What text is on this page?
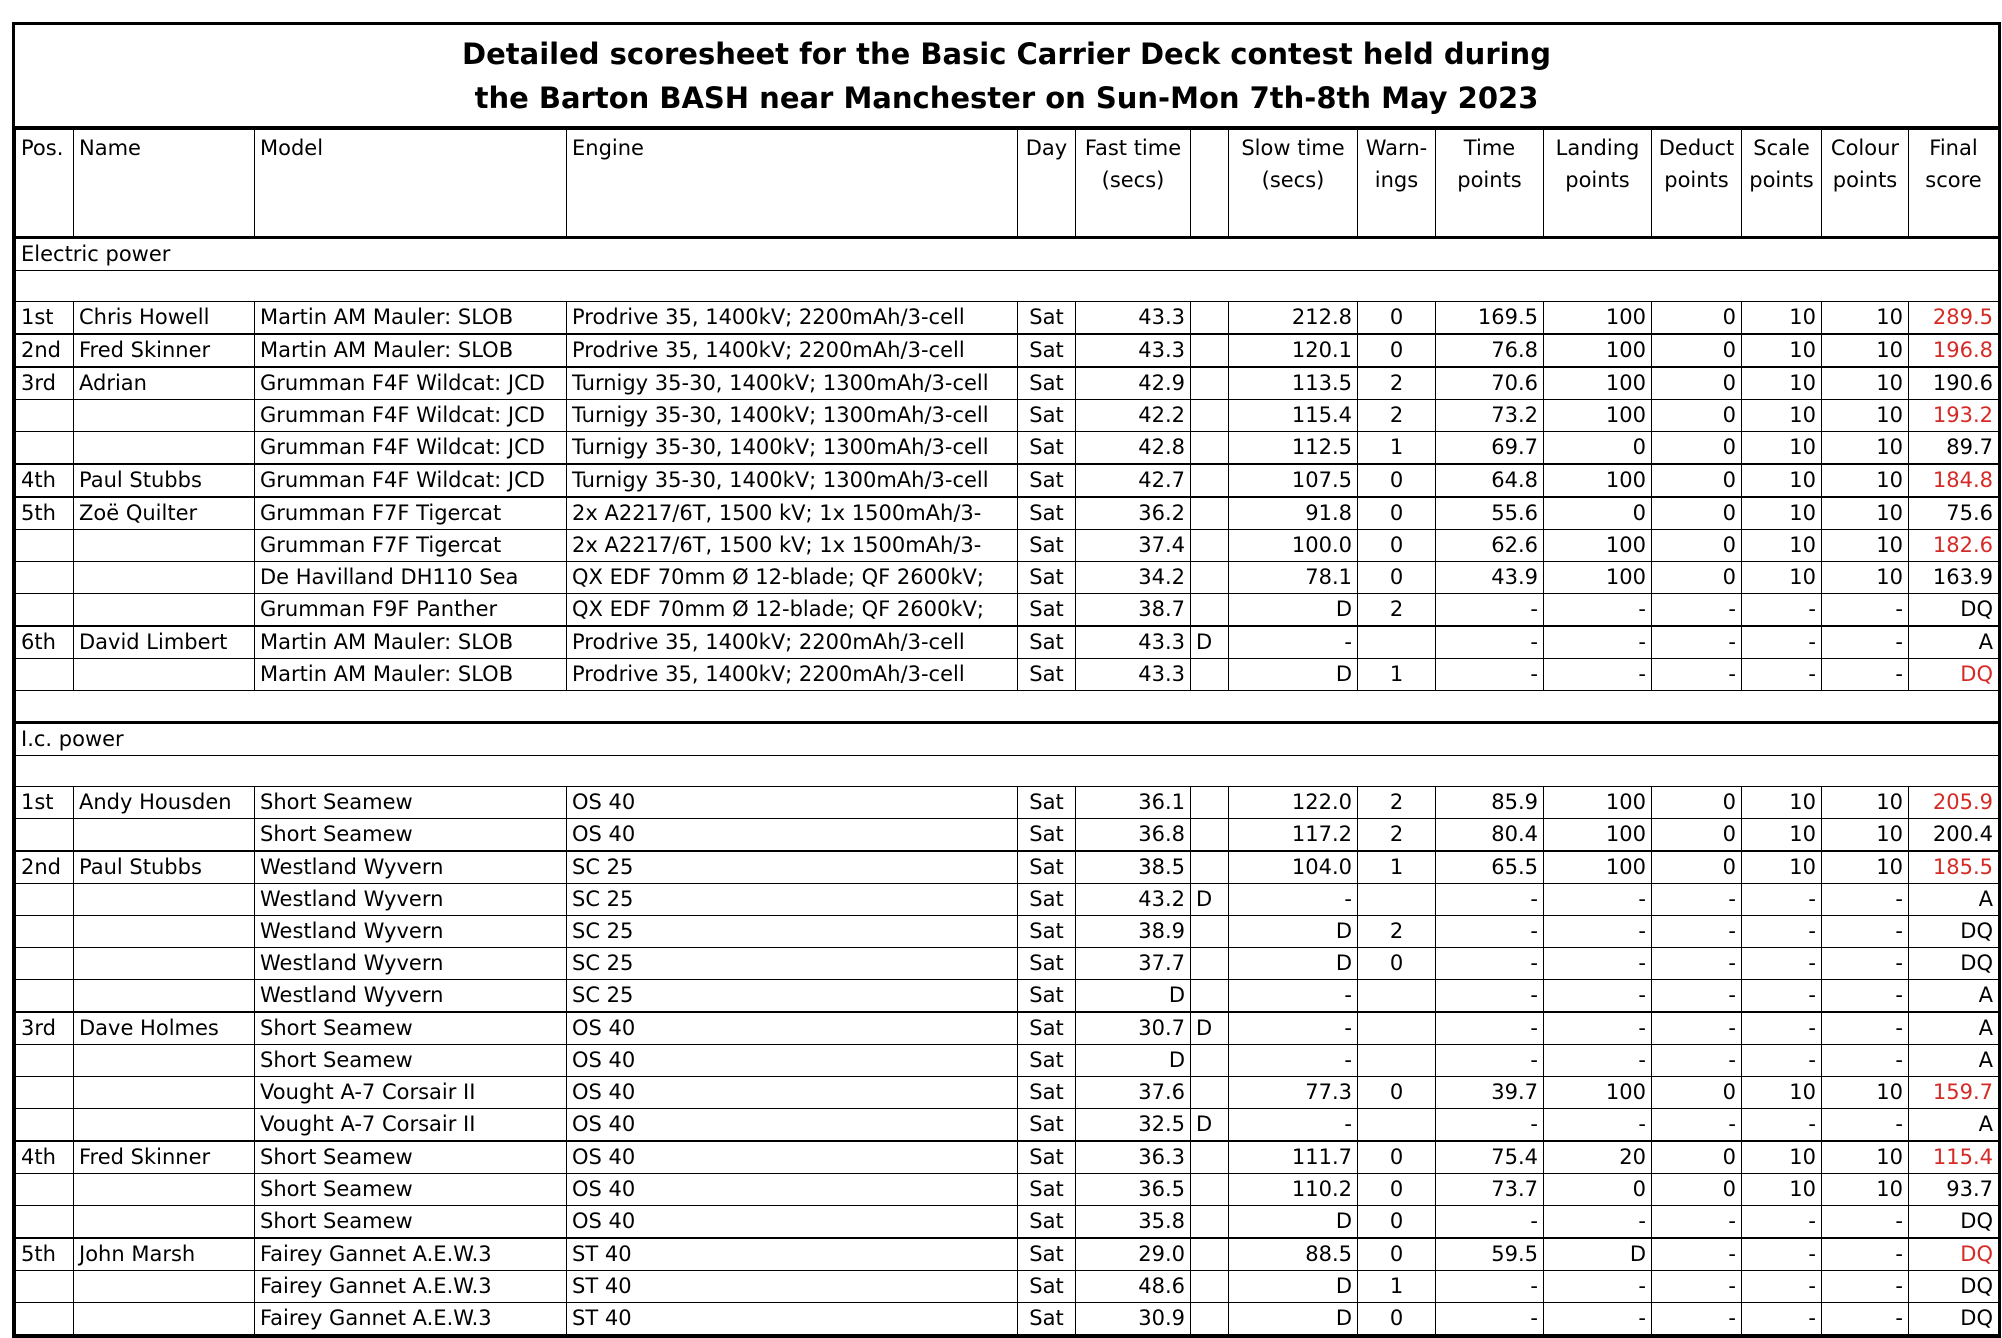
Detailed scoresheet for the Basic Carrier Deck contest held during
the Barton BASH near Manchester on Sun-Mon 7th-8th May 2023
Pos.	Name	Model	Engine	Day	Fast time (secs)		Slow time (secs)	Warn-ings	Time points	Landing points	Deduct points	Scale points	Colour points	Final score
Electric power														

1st	Chris Howell	Martin AM Mauler: SLOB	Prodrive 35, 1400kV; 2200mAh/3-cell	Sat	43.3		212.8	0	169.5	100	0	10	10	289.5
2nd	Fred Skinner	Martin AM Mauler: SLOB	Prodrive 35, 1400kV; 2200mAh/3-cell	Sat	43.3		120.1	0	76.8	100	0	10	10	196.8
3rd	Adrian	Grumman F4F Wildcat: JCD	Turnigy 35-30, 1400kV; 1300mAh/3-cell	Sat	42.9		113.5	2	70.6	100	0	10	10	190.6
		Grumman F4F Wildcat: JCD	Turnigy 35-30, 1400kV; 1300mAh/3-cell	Sat	42.2		115.4	2	73.2	100	0	10	10	193.2
		Grumman F4F Wildcat: JCD	Turnigy 35-30, 1400kV; 1300mAh/3-cell	Sat	42.8		112.5	1	69.7	0	0	10	10	89.7
4th	Paul Stubbs	Grumman F4F Wildcat: JCD	Turnigy 35-30, 1400kV; 1300mAh/3-cell	Sat	42.7		107.5	0	64.8	100	0	10	10	184.8
5th	Zoë Quilter	Grumman F7F Tigercat	2x A2217/6T, 1500 kV; 1x 1500mAh/3-	Sat	36.2		91.8	0	55.6	0	0	10	10	75.6
		Grumman F7F Tigercat	2x A2217/6T, 1500 kV; 1x 1500mAh/3-	Sat	37.4		100.0	0	62.6	100	0	10	10	182.6
		De Havilland DH110 Sea	QX EDF 70mm Ø 12-blade; QF 2600kV;	Sat	34.2		78.1	0	43.9	100	0	10	10	163.9
		Grumman F9F Panther	QX EDF 70mm Ø 12-blade; QF 2600kV;	Sat	38.7		D	2	-	-	-	-	-	DQ
6th	David Limbert	Martin AM Mauler: SLOB	Prodrive 35, 1400kV; 2200mAh/3-cell	Sat	43.3	D	-		-	-	-	-	-	A
		Martin AM Mauler: SLOB	Prodrive 35, 1400kV; 2200mAh/3-cell	Sat	43.3		D	1	-	-	-	-	-	DQ

I.c. power														

1st	Andy Housden	Short Seamew	OS 40	Sat	36.1		122.0	2	85.9	100	0	10	10	205.9
		Short Seamew	OS 40	Sat	36.8		117.2	2	80.4	100	0	10	10	200.4
2nd	Paul Stubbs	Westland Wyvern	SC 25	Sat	38.5		104.0	1	65.5	100	0	10	10	185.5
		Westland Wyvern	SC 25	Sat	43.2	D	-		-	-	-	-	-	A
		Westland Wyvern	SC 25	Sat	38.9		D	2	-	-	-	-	-	DQ
		Westland Wyvern	SC 25	Sat	37.7		D	0	-	-	-	-	-	DQ
		Westland Wyvern	SC 25	Sat	D		-		-	-	-	-	-	A
3rd	Dave Holmes	Short Seamew	OS 40	Sat	30.7	D	-		-	-	-	-	-	A
		Short Seamew	OS 40	Sat	D		-		-	-	-	-	-	A
		Vought A-7 Corsair II	OS 40	Sat	37.6		77.3	0	39.7	100	0	10	10	159.7
		Vought A-7 Corsair II	OS 40	Sat	32.5	D	-		-	-	-	-	-	A
4th	Fred Skinner	Short Seamew	OS 40	Sat	36.3		111.7	0	75.4	20	0	10	10	115.4
		Short Seamew	OS 40	Sat	36.5		110.2	0	73.7	0	0	10	10	93.7
		Short Seamew	OS 40	Sat	35.8		D	0	-	-	-	-	-	DQ
5th	John Marsh	Fairey Gannet A.E.W.3	ST 40	Sat	29.0		88.5	0	59.5	D	-	-	-	DQ
		Fairey Gannet A.E.W.3	ST 40	Sat	48.6		D	1	-	-	-	-	-	DQ
		Fairey Gannet A.E.W.3	ST 40	Sat	30.9		D	0	-	-	-	-	-	DQ
